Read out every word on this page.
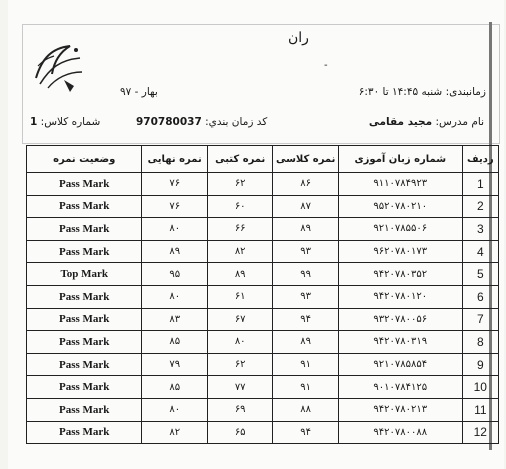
ران
-
زمانبندی: شنبه ۱۴:۴۵ تا ۶:۳۰
بهار - ۹۷
نام مدرس: مجید مقامی
کد زمان بندي: 970780037
شماره کلاس: 1
رديف	شماره زبان آموزی	نمره کلاسی	نمره کتبی	نمره نهایی	وضعیت نمره
1	۹۱۱۰۷۸۴۹۲۳	۸۶	۶۲	۷۶	Pass Mark
2	۹۵۲۰۷۸۰۲۱۰	۸۷	۶۰	۷۶	Pass Mark
3	۹۲۱۰۷۸۵۵۰۶	۸۹	۶۶	۸۰	Pass Mark
4	۹۶۲۰۷۸۰۱۷۳	۹۳	۸۲	۸۹	Pass Mark
5	۹۴۲۰۷۸۰۳۵۲	۹۹	۸۹	۹۵	Top Mark
6	۹۴۲۰۷۸۰۱۲۰	۹۳	۶۱	۸۰	Pass Mark
7	۹۳۲۰۷۸۰۰۵۶	۹۴	۶۷	۸۳	Pass Mark
8	۹۴۲۰۷۸۰۳۱۹	۸۹	۸۰	۸۵	Pass Mark
9	۹۲۱۰۷۸۵۸۵۴	۹۱	۶۲	۷۹	Pass Mark
10	۹۰۱۰۷۸۴۱۲۵	۹۱	۷۷	۸۵	Pass Mark
11	۹۴۲۰۷۸۰۲۱۳	۸۸	۶۹	۸۰	Pass Mark
12	۹۴۲۰۷۸۰۰۸۸	۹۴	۶۵	۸۲	Pass Mark
